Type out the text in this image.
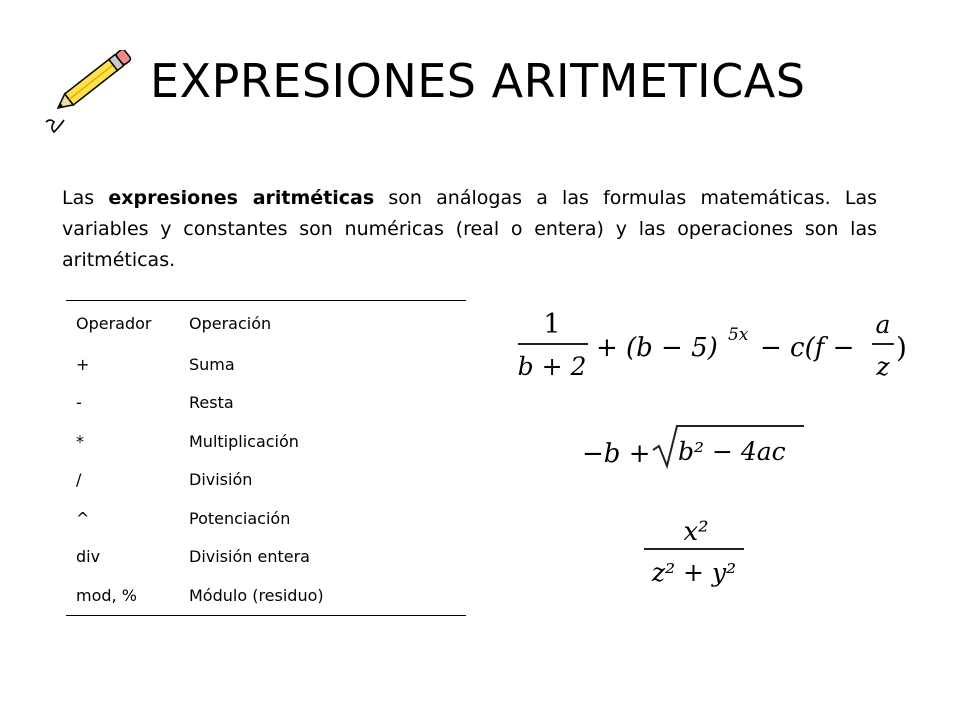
EXPRESIONES ARITMETICAS

Las expresiones aritméticas son análogas a las formulas matemáticas. Las variables y constantes son numéricas (real o entera) y las operaciones son las aritméticas.

Operador	Operación
+	Suma
-	Resta
*	Multiplicación
/	División
^	Potenciación
div	División entera
mod, %	Módulo (residuo)
1
b + 2
+ (b − 5) 5x − c(f −
a
z
)
−b + b² − 4ac
x²
z² + y²
